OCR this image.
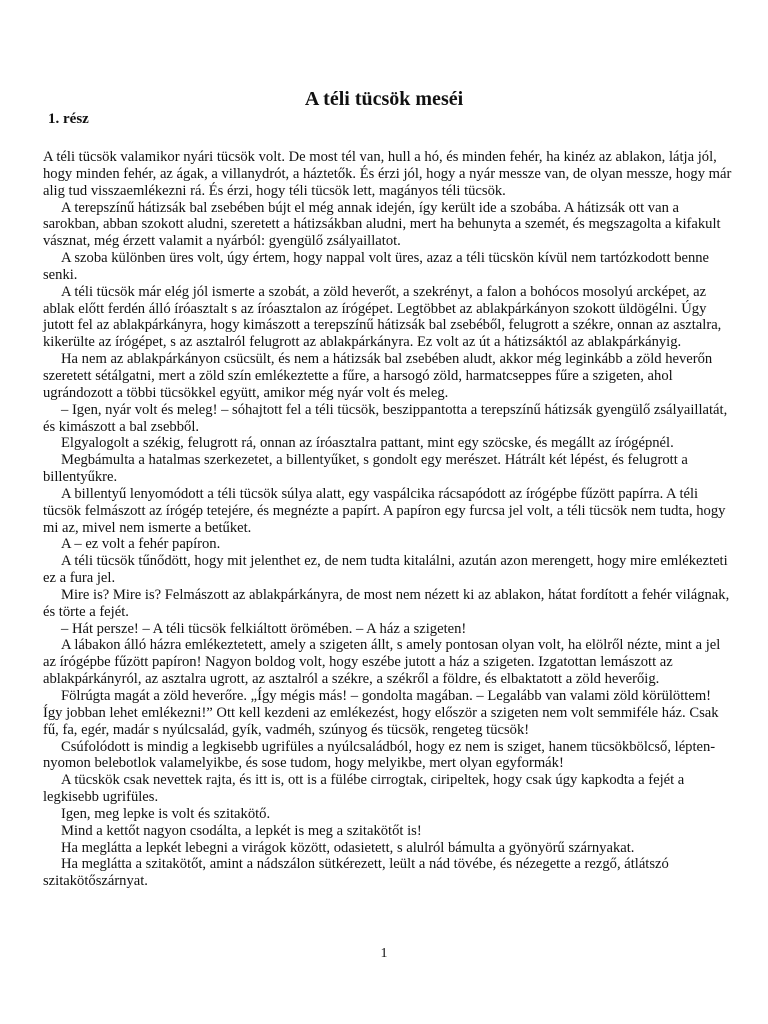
A téli tücsök meséi
1. rész

A téli tücsök valamikor nyári tücsök volt. De most tél van, hull a hó, és minden fehér, ha kinéz az ablakon, látja jól, hogy minden fehér, az ágak, a villanydrót, a háztetők. És érzi jól, hogy a nyár messze van, de olyan messze, hogy már alig tud visszaemlékezni rá. És érzi, hogy téli tücsök lett, magányos téli tücsök.

A terepszínű hátizsák bal zsebében bújt el még annak idején, így került ide a szobába. A hátizsák ott van a sarokban, abban szokott aludni, szeretett a hátizsákban aludni, mert ha behunyta a szemét, és megszagolta a kifakult vásznat, még érzett valamit a nyárból: gyengülő zsályaillatot.

A szoba különben üres volt, úgy értem, hogy nappal volt üres, azaz a téli tücskön kívül nem tartózkodott benne senki.

A téli tücsök már elég jól ismerte a szobát, a zöld heverőt, a szekrényt, a falon a bohócos mosolyú arcképet, az ablak előtt ferdén álló íróasztalt s az íróasztalon az írógépet. Legtöbbet az ablakpárkányon szokott üldögélni. Úgy jutott fel az ablakpárkányra, hogy kimászott a terepszínű hátizsák bal zsebéből, felugrott a székre, onnan az asztalra, kikerülte az írógépet, s az asztalról felugrott az ablakpárkányra. Ez volt az út a hátizsáktól az ablakpárkányig.

Ha nem az ablakpárkányon csücsült, és nem a hátizsák bal zsebében aludt, akkor még leginkább a zöld heverőn szeretett sétálgatni, mert a zöld szín emlékeztette a fűre, a harsogó zöld, harmatcseppes fűre a szigeten, ahol ugrándozott a többi tücsökkel együtt, amikor még nyár volt és meleg.

– Igen, nyár volt és meleg! – sóhajtott fel a téli tücsök, beszippantotta a terepszínű hátizsák gyengülő zsályaillatát, és kimászott a bal zsebből.

Elgyalogolt a székig, felugrott rá, onnan az íróasztalra pattant, mint egy szöcske, és megállt az írógépnél.

Megbámulta a hatalmas szerkezetet, a billentyűket, s gondolt egy merészet. Hátrált két lépést, és felugrott a billentyűkre.

A billentyű lenyomódott a téli tücsök súlya alatt, egy vaspálcika rácsapódott az írógépbe fűzött papírra. A téli tücsök felmászott az írógép tetejére, és megnézte a papírt. A papíron egy furcsa jel volt, a téli tücsök nem tudta, hogy mi az, mivel nem ismerte a betűket.

A – ez volt a fehér papíron.

A téli tücsök tűnődött, hogy mit jelenthet ez, de nem tudta kitalálni, azután azon merengett, hogy mire emlékezteti ez a fura jel.

Mire is? Mire is? Felmászott az ablakpárkányra, de most nem nézett ki az ablakon, hátat fordított a fehér világnak, és törte a fejét.

– Hát persze! – A téli tücsök felkiáltott örömében. – A ház a szigeten!

A lábakon álló házra emlékeztetett, amely a szigeten állt, s amely pontosan olyan volt, ha elölről nézte, mint a jel az írógépbe fűzött papíron! Nagyon boldog volt, hogy eszébe jutott a ház a szigeten. Izgatottan lemászott az ablakpárkányról, az asztalra ugrott, az asztalról a székre, a székről a földre, és elbaktatott a zöld heverőig.

Fölrúgta magát a zöld heverőre. „Így mégis más! – gondolta magában. – Legalább van valami zöld körülöttem! Így jobban lehet emlékezni!” Ott kell kezdeni az emlékezést, hogy először a szigeten nem volt semmiféle ház. Csak fű, fa, egér, madár s nyúlcsalád, gyík, vadméh, szúnyog és tücsök, rengeteg tücsök!

Csúfolódott is mindig a legkisebb ugrifüles a nyúlcsaládból, hogy ez nem is sziget, hanem tücsökbölcső, lépten-nyomon belebotlok valamelyikbe, és sose tudom, hogy melyikbe, mert olyan egyformák!

A tücskök csak nevettek rajta, és itt is, ott is a fülébe cirrogtak, ciripeltek, hogy csak úgy kapkodta a fejét a legkisebb ugrifüles.

Igen, meg lepke is volt és szitakötő.

Mind a kettőt nagyon csodálta, a lepkét is meg a szitakötőt is!

Ha meglátta a lepkét lebegni a virágok között, odasietett, s alulról bámulta a gyönyörű szárnyakat.

Ha meglátta a szitakötőt, amint a nádszálon sütkérezett, leült a nád tövébe, és nézegette a rezgő, átlátszó szitakötőszárnyat.

1
